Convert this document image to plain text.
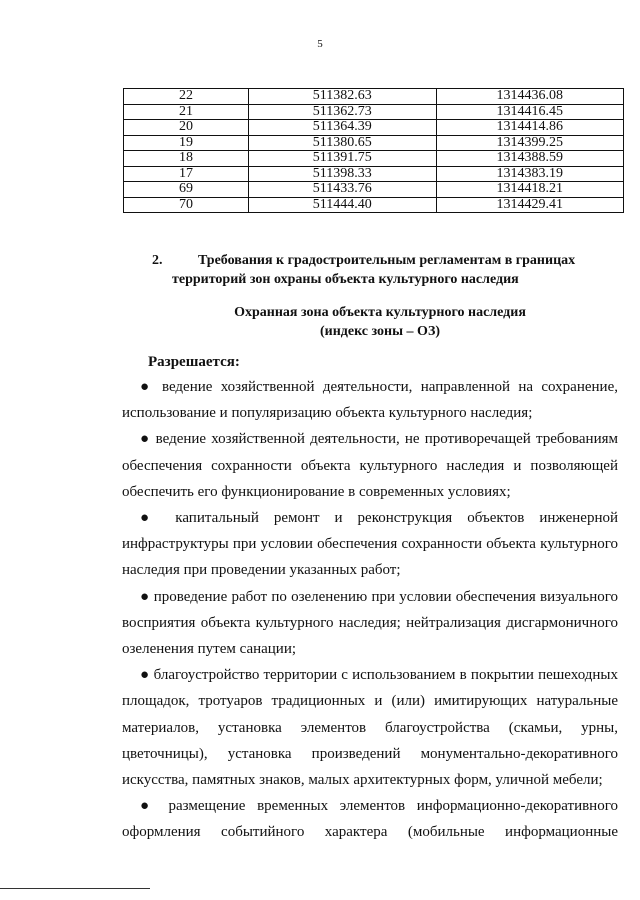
5
22	511382.63	1314436.08
21	511362.73	1314416.45
20	511364.39	1314414.86
19	511380.65	1314399.25
18	511391.75	1314388.59
17	511398.33	1314383.19
69	511433.76	1314418.21
70	511444.40	1314429.41
2.	Требования к градостроительным регламентам в границах
территорий зон охраны объекта культурного наследия
Охранная зона объекта культурного наследия
(индекс зоны – ОЗ)
Разрешается:

● ведение хозяйственной деятельности, направленной на сохранение, использование и популяризацию объекта культурного наследия;

● ведение хозяйственной деятельности, не противоречащей требованиям обеспечения сохранности объекта культурного наследия и позволяющей обеспечить его функционирование в современных условиях;

● капитальный ремонт и реконструкция объектов инженерной инфраструктуры при условии обеспечения сохранности объекта культурного наследия при проведении указанных работ;

● проведение работ по озеленению при условии обеспечения визуального восприятия объекта культурного наследия; нейтрализация дисгармоничного озеленения путем санации;

● благоустройство территории с использованием в покрытии пешеходных площадок, тротуаров традиционных и (или) имитирующих натуральные материалов, установка элементов благоустройства (скамьи, урны, цветочницы), установка произведений монументально-декоративного искусства, памятных знаков, малых архитектурных форм, уличной мебели;

● размещение временных элементов информационно-декоративного оформления событийного характера (мобильные информационные
